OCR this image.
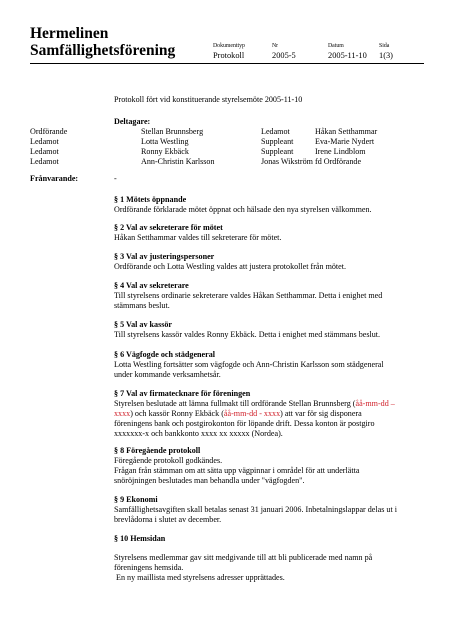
Hermelinen
Samfällighetsförening	Dokumenttyp	Nr	Datum	Sida
Protokoll	2005-5	2005-11-10 1(3)
Protokoll fört vid konstituerande styrelsemöte 2005-11-10
Deltagare:
Ordförande	Stellan Brunnsberg	Ledamot	Håkan Setthammar
Ledamot	Lotta Westling	Suppleant	Eva-Marie Nydert
Ledamot	Ronny Ekbäck	Suppleant	Irene Lindblom
Ledamot	Ann-Christin Karlsson	Jonas Wikström fd Ordförande
Frånvarande:	-
§ 1 Mötets öppnande
Ordförande förklarade mötet öppnat och hälsade den nya styrelsen välkommen.
§ 2 Val av sekreterare för mötet
Håkan Setthammar valdes till sekreterare för mötet.
§ 3 Val av justeringspersoner
Ordförande och Lotta Westling valdes att justera protokollet från mötet.
§ 4 Val av sekreterare
Till styrelsens ordinarie sekreterare valdes Håkan Setthammar. Detta i enighet med
stämmans beslut.
§ 5 Val av kassör
Till styrelsens kassör valdes Ronny Ekbäck. Detta i enighet med stämmans beslut.
§ 6 Vägfogde och städgeneral
Lotta Westling fortsätter som vägfogde och Ann-Christin Karlsson som städgeneral
under kommande verksamhetsår.
§ 7 Val av firmatecknare för föreningen
Styrelsen beslutade att lämna fullmakt till ordförande Stellan Brunnsberg (åå-mm-dd –
xxxx) och kassör Ronny Ekbäck (åå-mm-dd - xxxx) att var för sig disponera
föreningens bank och postgirokonton för löpande drift. Dessa konton är postgiro
xxxxxxx-x och bankkonto xxxx xx xxxxx (Nordea).
§ 8 Föregående protokoll
Föregående protokoll godkändes.
Frågan från stämman om att sätta upp vägpinnar i områdel för att underlätta
snöröjningen beslutades man behandla under "vägfogden".
§ 9 Ekonomi
Samfällighetsavgiften skall betalas senast 31 januari 2006. Inbetalningslappar delas ut i
brevlådorna i slutet av december.
§ 10 Hemsidan
Styrelsens medlemmar gav sitt medgivande till att bli publicerade med namn på
föreningens hemsida.
En ny maillista med styrelsens adresser upprättades.
